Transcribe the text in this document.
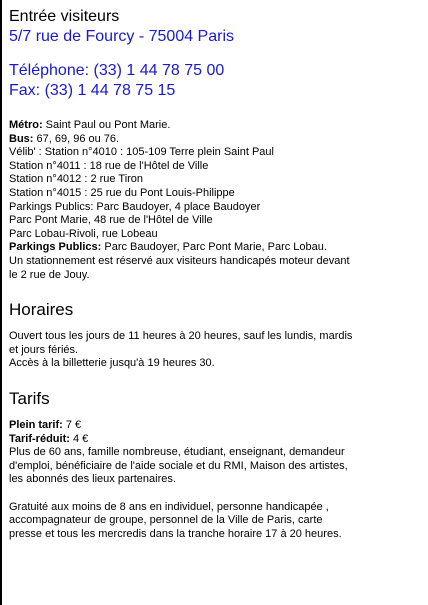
Entrée visiteurs

5/7 rue de Fourcy - 75004 Paris

Téléphone: (33) 1 44 78 75 00

Fax: (33) 1 44 78 75 15

Métro: Saint Paul ou Pont Marie.

Bus: 67, 69, 96 ou 76.

Vélib' : Station n°4010 : 105-109 Terre plein Saint Paul

Station n°4011 : 18 rue de l'Hôtel de Ville

Station n°4012 : 2 rue Tiron

Station n°4015 : 25 rue du Pont Louis-Philippe

Parkings Publics: Parc Baudoyer, 4 place Baudoyer

Parc Pont Marie, 48 rue de l'Hôtel de Ville

Parc Lobau-Rivoli, rue Lobeau

Parkings Publics: Parc Baudoyer, Parc Pont Marie, Parc Lobau.

Un stationnement est réservé aux visiteurs handicapés moteur devant

le 2 rue de Jouy.

Horaires

Ouvert tous les jours de 11 heures à 20 heures, sauf les lundis, mardis

et jours fériés.

Accès à la billetterie jusqu'à 19 heures 30.

Tarifs

Plein tarif: 7 €

Tarif-réduit: 4 €

Plus de 60 ans, famille nombreuse, étudiant, enseignant, demandeur

d'emploi, bénéficiaire de l'aide sociale et du RMI, Maison des artistes,

les abonnés des lieux partenaires.

Gratuité aux moins de 8 ans en individuel, personne handicapée ,

accompagnateur de groupe, personnel de la Ville de Paris, carte

presse et tous les mercredis dans la tranche horaire 17 à 20 heures.
